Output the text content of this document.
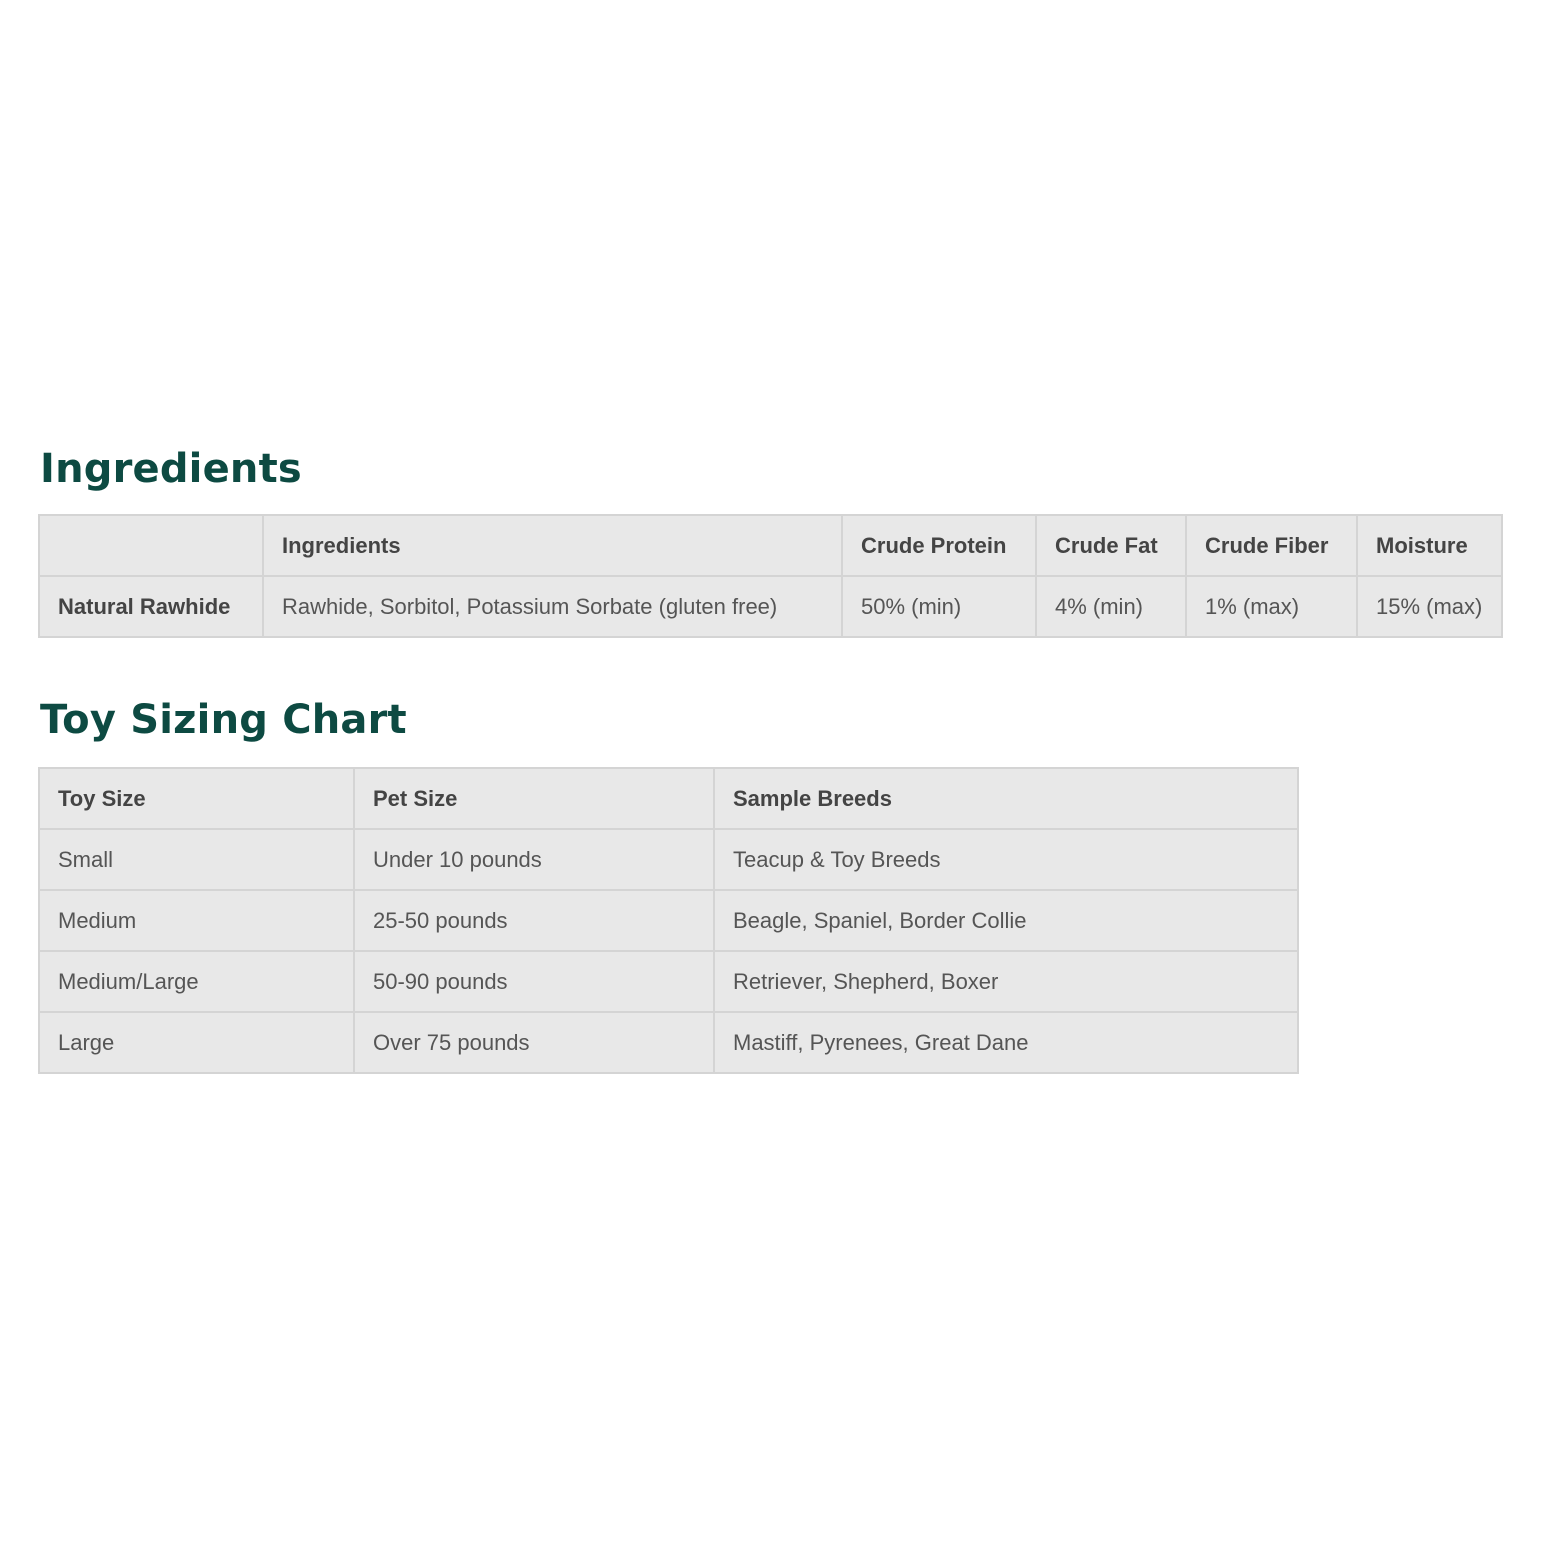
Ingredients
	Ingredients	Crude Protein	Crude Fat	Crude Fiber	Moisture
Natural Rawhide	Rawhide, Sorbitol, Potassium Sorbate (gluten free)	50% (min)	4% (min)	1% (max)	15% (max)
Toy Sizing Chart
Toy Size	Pet Size	Sample Breeds
Small	Under 10 pounds	Teacup & Toy Breeds
Medium	25-50 pounds	Beagle, Spaniel, Border Collie
Medium/Large	50-90 pounds	Retriever, Shepherd, Boxer
Large	Over 75 pounds	Mastiff, Pyrenees, Great Dane
